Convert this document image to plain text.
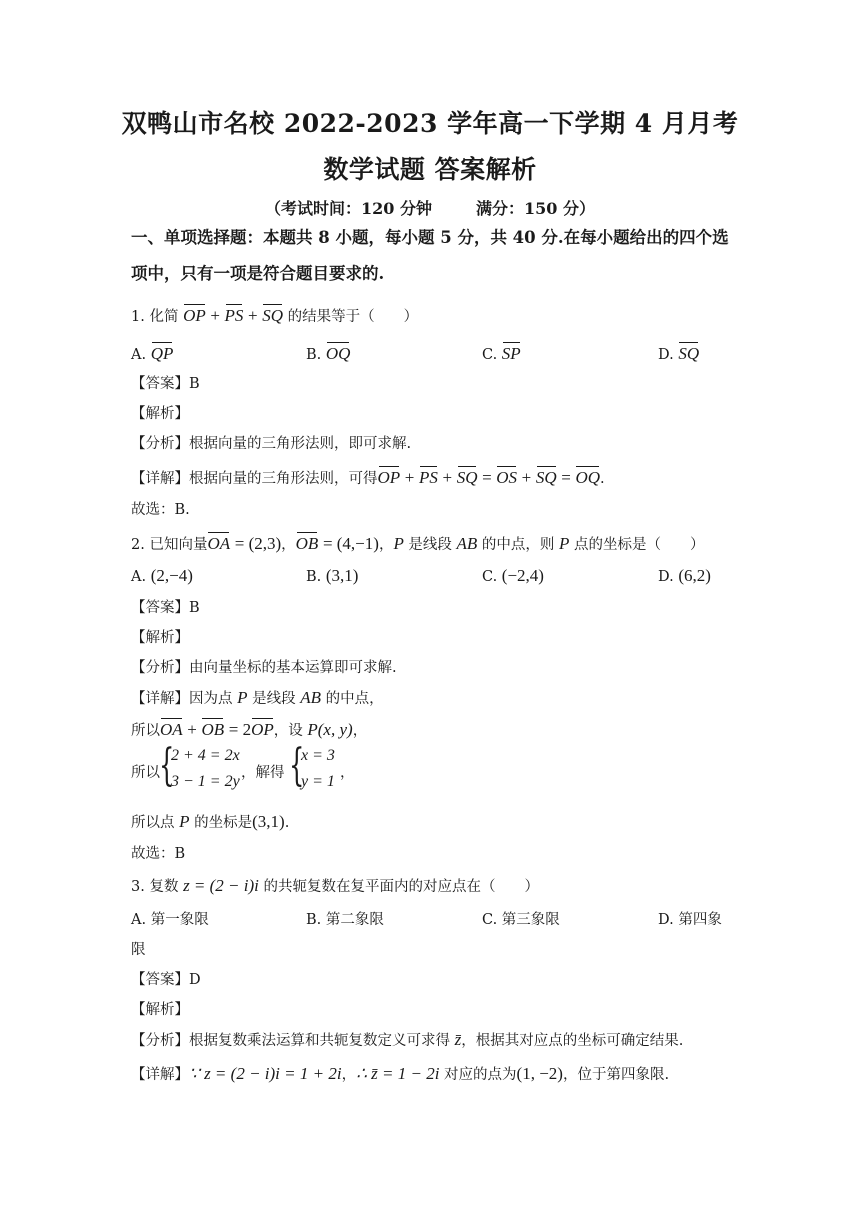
双鸭山市名校 2022-2023 学年高一下学期 4 月月考
数学试题 答案解析
（考试时间：120 分钟	满分：150 分）
一、单项选择题：本题共 8 小题，每小题 5 分，共 40 分.在每小题给出的四个选
项中，只有一项是符合题目要求的.
1. 化简 OP + PS + SQ 的结果等于（　　）
A. QP	B. OQ	C. SP	D. SQ
【答案】B
【解析】
【分析】根据向量的三角形法则，即可求解.
【详解】根据向量的三角形法则，可得OP + PS + SQ = OS + SQ = OQ.
故选：B.
2. 已知向量OA = (2,3)，OB = (4,−1)，P 是线段 AB 的中点，则 P 点的坐标是（　　）
A. (2,−4)	B. (3,1)	C. (−2,4)	D. (6,2)
【答案】B
【解析】
【分析】由向量坐标的基本运算即可求解.
【详解】因为点 P 是线段 AB 的中点，
所以OA + OB = 2OP，设 P(x, y)，
所以 {
2 + 4 = 2x
3 − 1 = 2y ，解得 {
x = 3
y = 1 ，
所以点 P 的坐标是(3,1).
故选：B
3. 复数 z = (2 − i)i 的共轭复数在复平面内的对应点在（　　）
A. 第一象限	B. 第二象限	C. 第三象限	D. 第四象
限
【答案】D
【解析】
【分析】根据复数乘法运算和共轭复数定义可求得 z̄，根据其对应点的坐标可确定结果.
【详解】∵ z = (2 − i)i = 1 + 2i，∴ z̄ = 1 − 2i 对应的点为(1, −2)，位于第四象限.
